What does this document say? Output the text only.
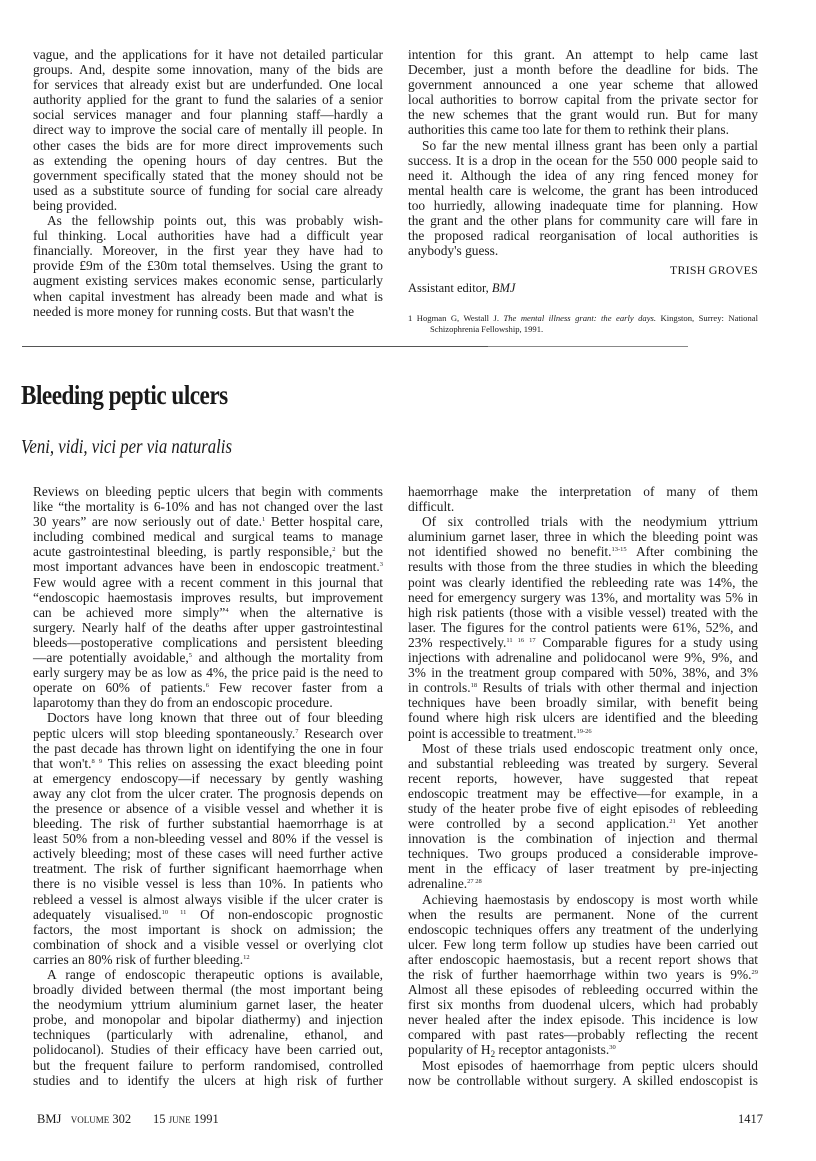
vague, and the applications for it have not detailed particular
groups. And, despite some innovation, many of the bids are
for services that already exist but are underfunded. One local
authority applied for the grant to fund the salaries of a senior
social services manager and four planning staff—hardly a
direct way to improve the social care of mentally ill people. In
other cases the bids are for more direct improvements such
as extending the opening hours of day centres. But the
government specifically stated that the money should not be
used as a substitute source of funding for social care already
being provided.
As the fellowship points out, this was probably wish-
ful thinking. Local authorities have had a difficult year
financially. Moreover, in the first year they have had to
provide £9m of the £30m total themselves. Using the grant to
augment existing services makes economic sense, particularly
when capital investment has already been made and what is
needed is more money for running costs. But that wasn't the
intention for this grant. An attempt to help came last
December, just a month before the deadline for bids. The
government announced a one year scheme that allowed
local authorities to borrow capital from the private sector for
the new schemes that the grant would run. But for many
authorities this came too late for them to rethink their plans.
So far the new mental illness grant has been only a partial
success. It is a drop in the ocean for the 550 000 people said to
need it. Although the idea of any ring fenced money for
mental health care is welcome, the grant has been introduced
too hurriedly, allowing inadequate time for planning. How
the grant and the other plans for community care will fare in
the proposed radical reorganisation of local authorities is
anybody's guess.
TRISH GROVES
Assistant editor, BMJ
1 Hogman G, Westall J. The mental illness grant: the early days. Kingston, Surrey: National
Schizophrenia Fellowship, 1991.
Bleeding peptic ulcers
Veni, vidi, vici per via naturalis
Reviews on bleeding peptic ulcers that begin with comments
like “the mortality is 6-10% and has not changed over the last
30 years” are now seriously out of date.$^1$ Better hospital care,
including combined medical and surgical teams to manage
acute gastrointestinal bleeding, is partly responsible,$^2$ but the
most important advances have been in endoscopic treatment.$^3$
Few would agree with a recent comment in this journal that
“endoscopic haemostasis improves results, but improvement
can be achieved more simply”$^4$ when the alternative is
surgery. Nearly half of the deaths after upper gastrointestinal
bleeds—postoperative complications and persistent bleeding
—are potentially avoidable,$^5$ and although the mortality from
early surgery may be as low as 4%, the price paid is the need to
operate on 60% of patients.$^6$ Few recover faster from a
laparotomy than they do from an endoscopic procedure.
Doctors have long known that three out of four bleeding
peptic ulcers will stop bleeding spontaneously.$^7$ Research over
the past decade has thrown light on identifying the one in four
that won't.$^{8 9}$ This relies on assessing the exact bleeding point
at emergency endoscopy—if necessary by gently washing
away any clot from the ulcer crater. The prognosis depends on
the presence or absence of a visible vessel and whether it is
bleeding. The risk of further substantial haemorrhage is at
least 50% from a non-bleeding vessel and 80% if the vessel is
actively bleeding; most of these cases will need further active
treatment. The risk of further significant haemorrhage when
there is no visible vessel is less than 10%. In patients who
rebleed a vessel is almost always visible if the ulcer crater is
adequately visualised.$^{10 11}$ Of non-endoscopic prognostic
factors, the most important is shock on admission; the
combination of shock and a visible vessel or overlying clot
carries an 80% risk of further bleeding.$^{12}$
A range of endoscopic therapeutic options is available,
broadly divided between thermal (the most important being
the neodymium yttrium aluminium garnet laser, the heater
probe, and monopolar and bipolar diathermy) and injection
techniques (particularly with adrenaline, ethanol, and
polidocanol). Studies of their efficacy have been carried out,
but the frequent failure to perform randomised, controlled
studies and to identify the ulcers at high risk of further
haemorrhage make the interpretation of many of them
difficult.
Of six controlled trials with the neodymium yttrium
aluminium garnet laser, three in which the bleeding point was
not identified showed no benefit.$^{13-15}$ After combining the
results with those from the three studies in which the bleeding
point was clearly identified the rebleeding rate was 14%, the
need for emergency surgery was 13%, and mortality was 5% in
high risk patients (those with a visible vessel) treated with the
laser. The figures for the control patients were 61%, 52%, and
23% respectively.$^{11 16 17}$ Comparable figures for a study using
injections with adrenaline and polidocanol were 9%, 9%, and
3% in the treatment group compared with 50%, 38%, and 3%
in controls.$^{18}$ Results of trials with other thermal and injection
techniques have been broadly similar, with benefit being
found where high risk ulcers are identified and the bleeding
point is accessible to treatment.$^{19-26}$
Most of these trials used endoscopic treatment only once,
and substantial rebleeding was treated by surgery. Several
recent reports, however, have suggested that repeat
endoscopic treatment may be effective—for example, in a
study of the heater probe five of eight episodes of rebleeding
were controlled by a second application.$^{21}$ Yet another
innovation is the combination of injection and thermal
techniques. Two groups produced a considerable improve-
ment in the efficacy of laser treatment by pre-injecting
adrenaline.$^{27 28}$
Achieving haemostasis by endoscopy is most worth while
when the results are permanent. None of the current
endoscopic techniques offers any treatment of the underlying
ulcer. Few long term follow up studies have been carried out
after endoscopic haemostasis, but a recent report shows that
the risk of further haemorrhage within two years is 9%.$^{29}$
Almost all these episodes of rebleeding occurred within the
first six months from duodenal ulcers, which had probably
never healed after the index episode. This incidence is low
compared with past rates—probably reflecting the recent
popularity of $H_2$ receptor antagonists.$^{30}$
Most episodes of haemorrhage from peptic ulcers should
now be controllable without surgery. A skilled endoscopist is
BMJ volume 302 15 june 1991	1417
